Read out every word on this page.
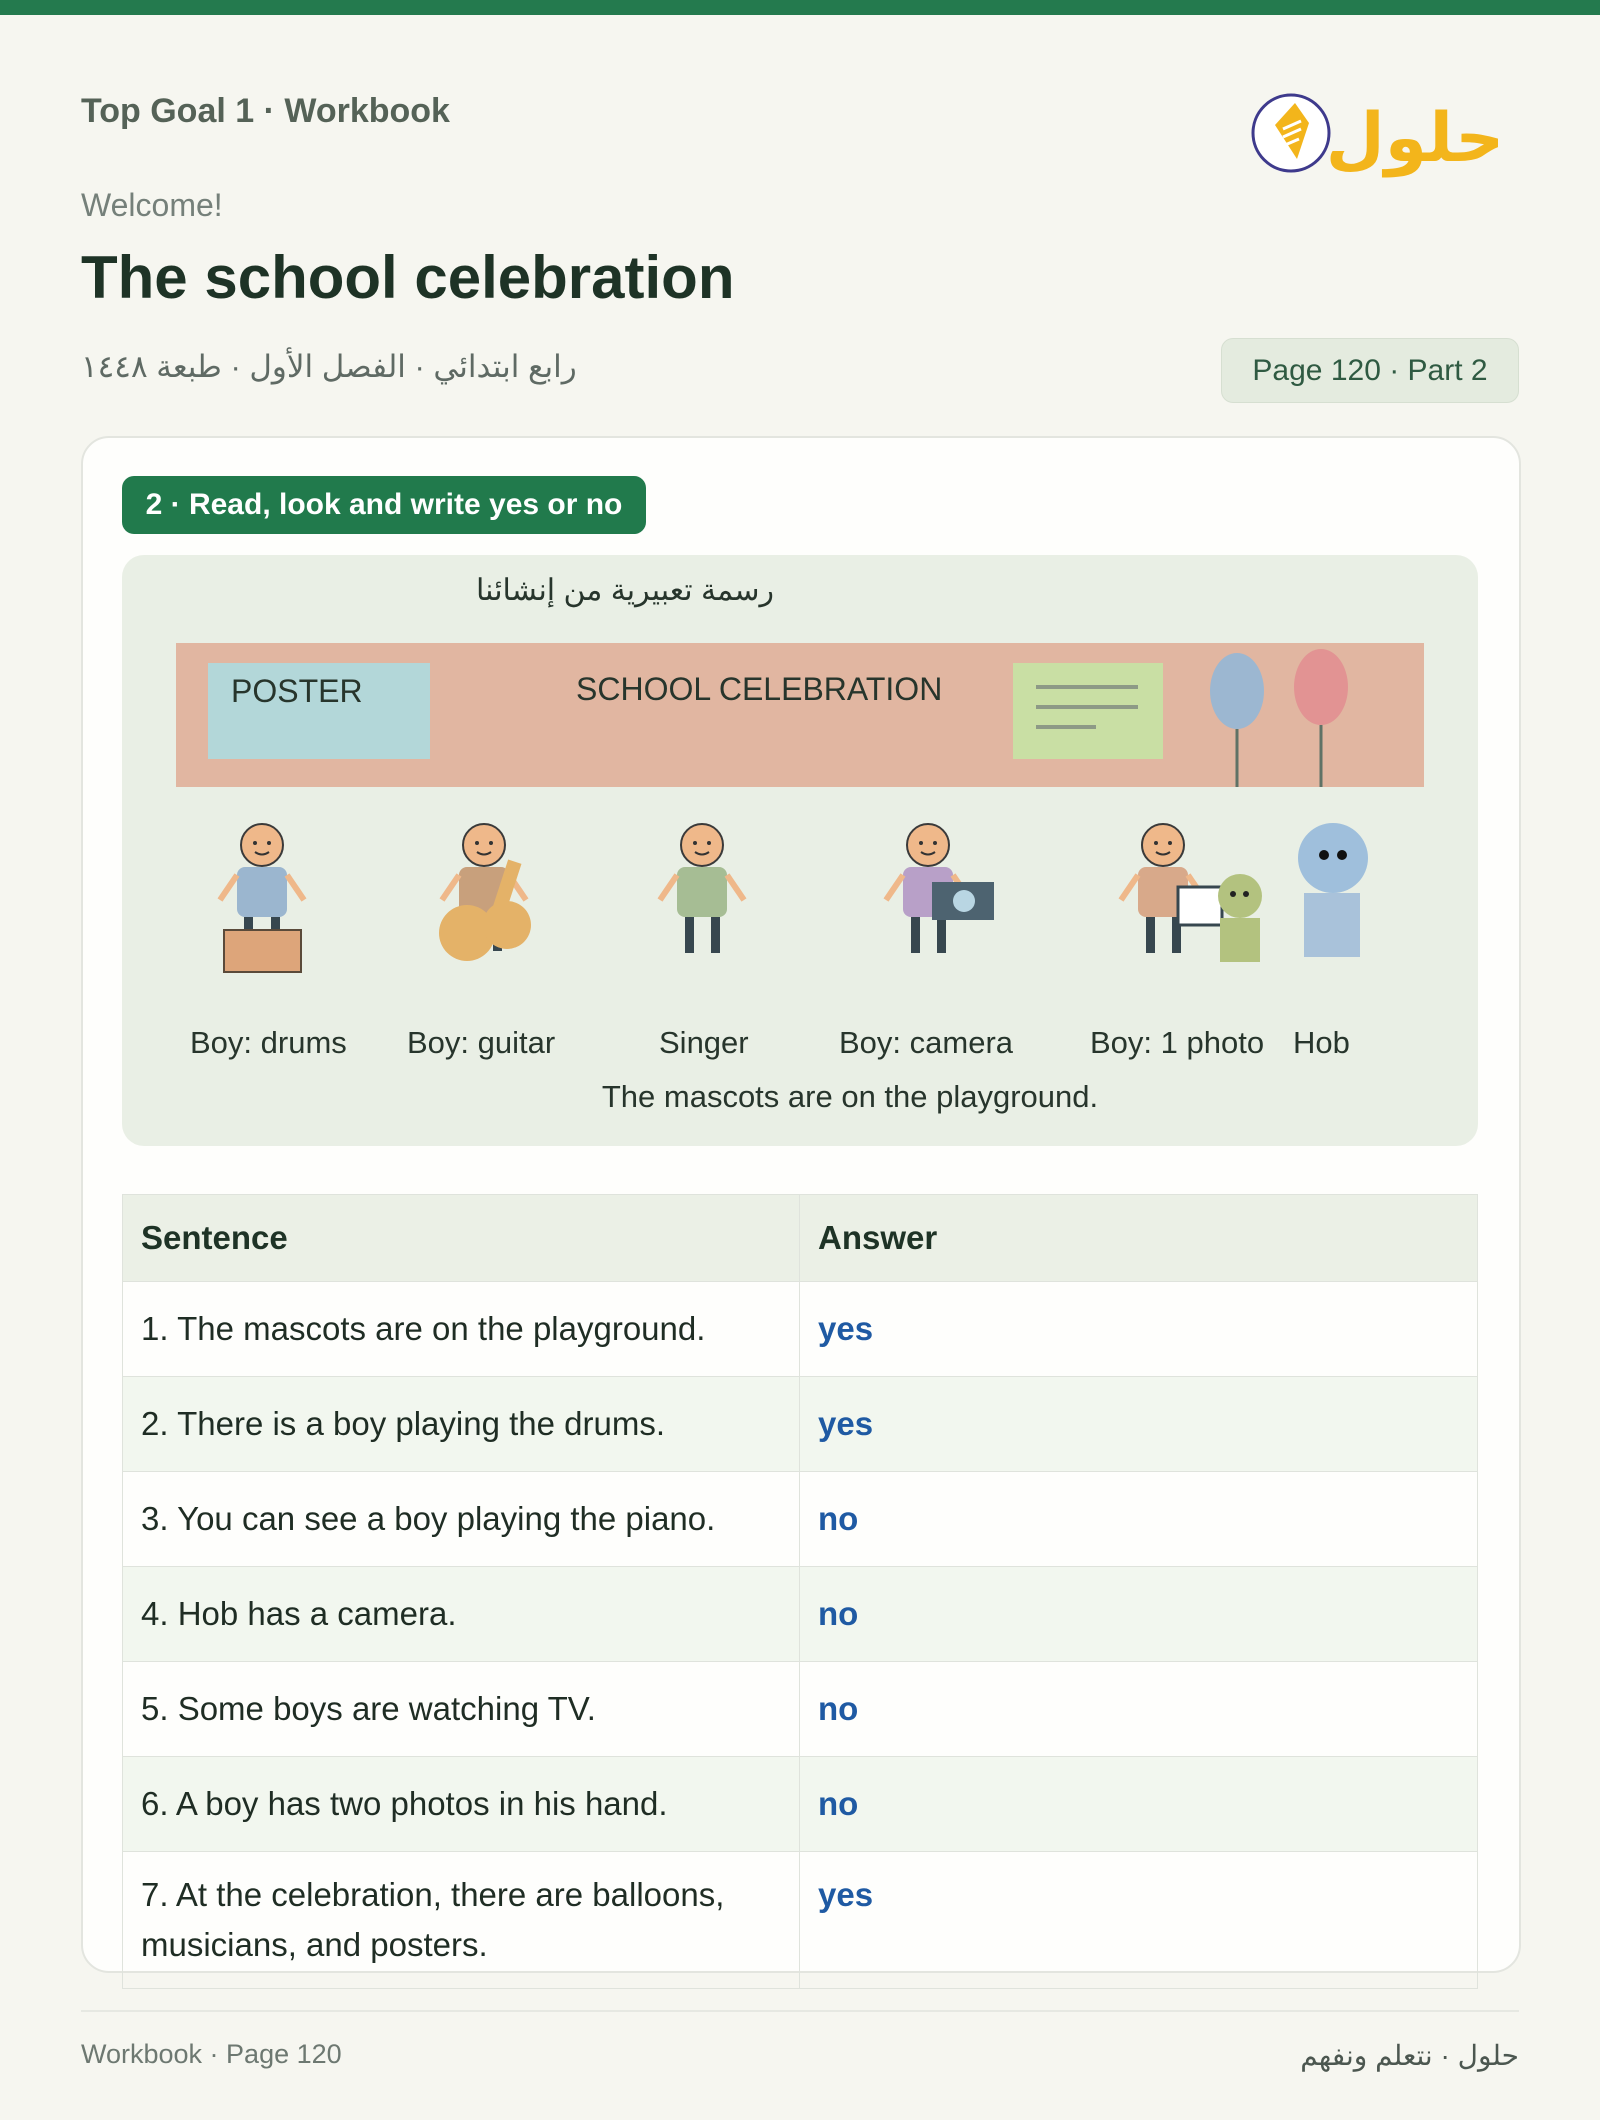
Top Goal 1 · Workbook	حلول
Welcome!
The school celebration
رابع ابتدائي · الفصل الأول · طبعة ١٤٤٨	Page 120 · Part 2
2 · Read, look and write yes or no
رسمة تعبيرية من إنشائنا
POSTER	SCHOOL CELEBRATION
Boy: drums Boy: guitar	Singer	Boy: camera Boy: 1 photo Hob
The mascots are on the playground.
Sentence	Answer
1. The mascots are on the playground.	yes
2. There is a boy playing the drums.	yes
3. You can see a boy playing the piano.	no
4. Hob has a camera.	no
5. Some boys are watching TV.	no
6. A boy has two photos in his hand.	no
7. At the celebration, there are balloons, musicians, and posters.	yes
Workbook · Page 120	حلول · نتعلم ونفهم
